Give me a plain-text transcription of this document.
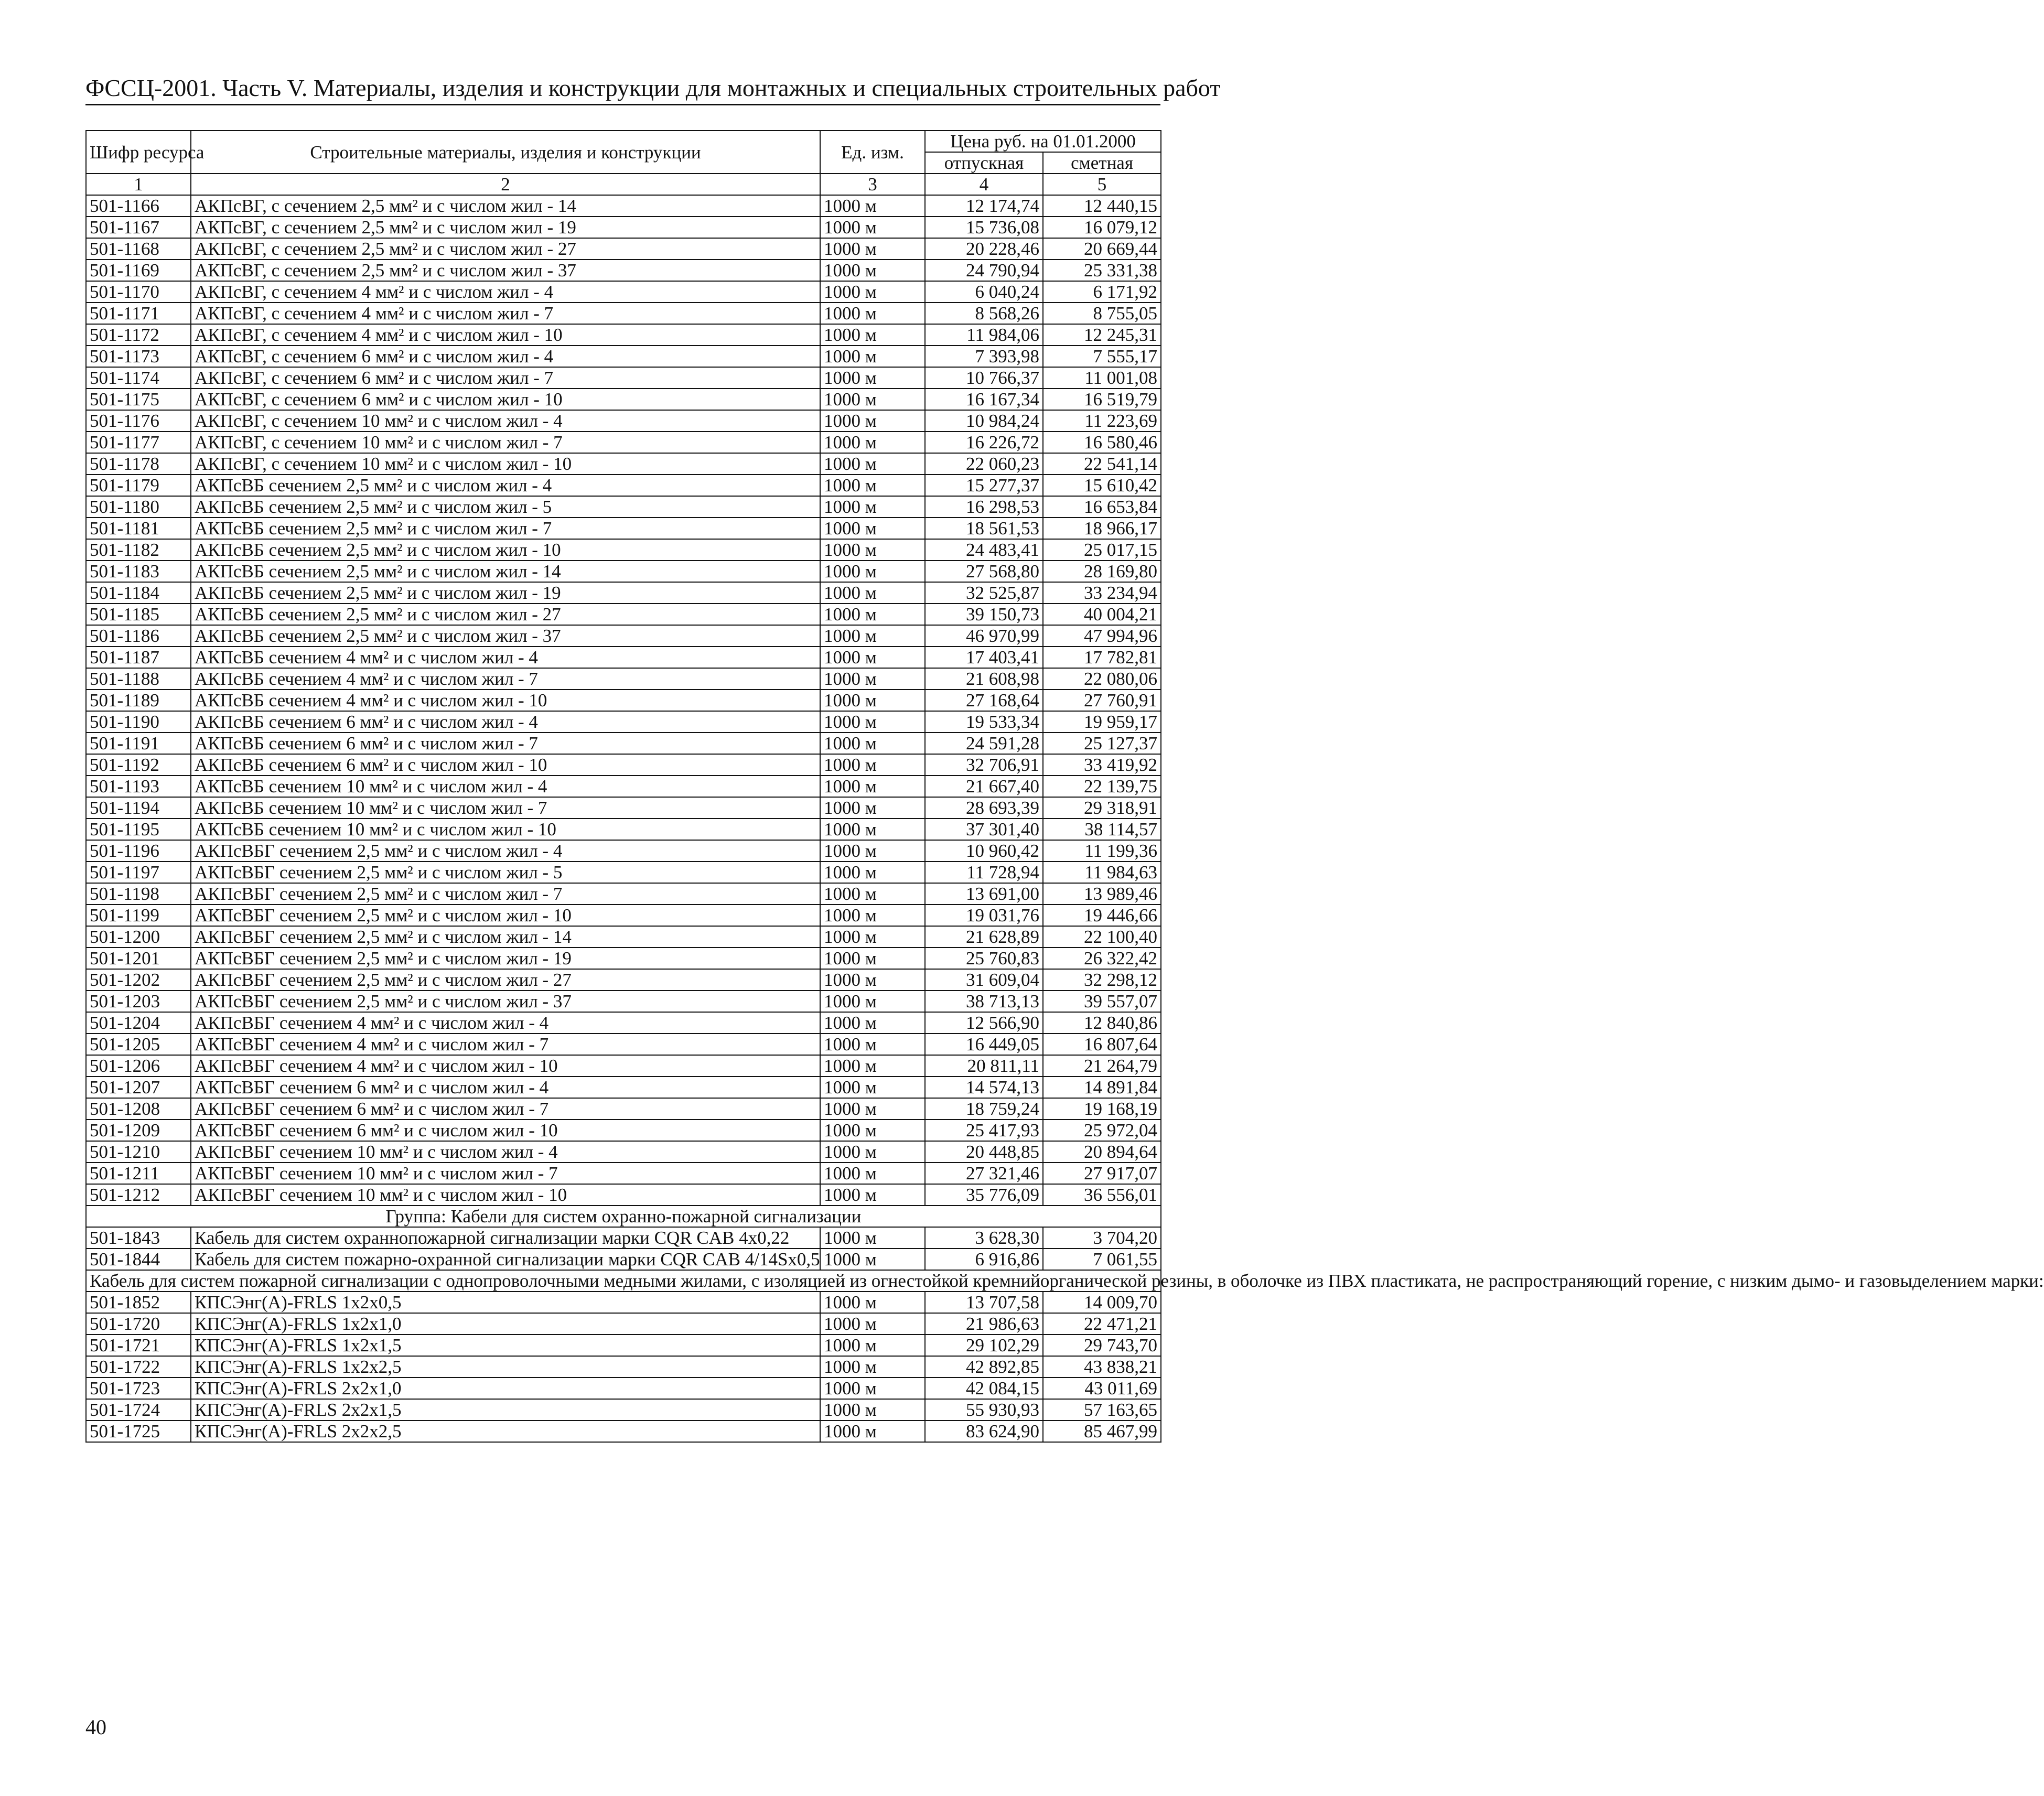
ФССЦ-2001. Часть V. Материалы, изделия и конструкции для монтажных и специальных строительных работ
Шифр ресурса	Строительные материалы, изделия и конструкции	Ед. изм.	Цена руб. на 01.01.2000	
			отпускная	сметная
1	2	3	4	5
501-1166	АКПсВГ, с сечением 2,5 мм² и с числом жил - 14	1000 м	12 174,74	12 440,15
501-1167	АКПсВГ, с сечением 2,5 мм² и с числом жил - 19	1000 м	15 736,08	16 079,12
501-1168	АКПсВГ, с сечением 2,5 мм² и с числом жил - 27	1000 м	20 228,46	20 669,44
501-1169	АКПсВГ, с сечением 2,5 мм² и с числом жил - 37	1000 м	24 790,94	25 331,38
501-1170	АКПсВГ, с сечением 4 мм² и с числом жил - 4	1000 м	6 040,24	6 171,92
501-1171	АКПсВГ, с сечением 4 мм² и с числом жил - 7	1000 м	8 568,26	8 755,05
501-1172	АКПсВГ, с сечением 4 мм² и с числом жил - 10	1000 м	11 984,06	12 245,31
501-1173	АКПсВГ, с сечением 6 мм² и с числом жил - 4	1000 м	7 393,98	7 555,17
501-1174	АКПсВГ, с сечением 6 мм² и с числом жил - 7	1000 м	10 766,37	11 001,08
501-1175	АКПсВГ, с сечением 6 мм² и с числом жил - 10	1000 м	16 167,34	16 519,79
501-1176	АКПсВГ, с сечением 10 мм² и с числом жил - 4	1000 м	10 984,24	11 223,69
501-1177	АКПсВГ, с сечением 10 мм² и с числом жил - 7	1000 м	16 226,72	16 580,46
501-1178	АКПсВГ, с сечением 10 мм² и с числом жил - 10	1000 м	22 060,23	22 541,14
501-1179	АКПсВБ сечением 2,5 мм² и с числом жил - 4	1000 м	15 277,37	15 610,42
501-1180	АКПсВБ сечением 2,5 мм² и с числом жил - 5	1000 м	16 298,53	16 653,84
501-1181	АКПсВБ сечением 2,5 мм² и с числом жил - 7	1000 м	18 561,53	18 966,17
501-1182	АКПсВБ сечением 2,5 мм² и с числом жил - 10	1000 м	24 483,41	25 017,15
501-1183	АКПсВБ сечением 2,5 мм² и с числом жил - 14	1000 м	27 568,80	28 169,80
501-1184	АКПсВБ сечением 2,5 мм² и с числом жил - 19	1000 м	32 525,87	33 234,94
501-1185	АКПсВБ сечением 2,5 мм² и с числом жил - 27	1000 м	39 150,73	40 004,21
501-1186	АКПсВБ сечением 2,5 мм² и с числом жил - 37	1000 м	46 970,99	47 994,96
501-1187	АКПсВБ сечением 4 мм² и с числом жил - 4	1000 м	17 403,41	17 782,81
501-1188	АКПсВБ сечением 4 мм² и с числом жил - 7	1000 м	21 608,98	22 080,06
501-1189	АКПсВБ сечением 4 мм² и с числом жил - 10	1000 м	27 168,64	27 760,91
501-1190	АКПсВБ сечением 6 мм² и с числом жил - 4	1000 м	19 533,34	19 959,17
501-1191	АКПсВБ сечением 6 мм² и с числом жил - 7	1000 м	24 591,28	25 127,37
501-1192	АКПсВБ сечением 6 мм² и с числом жил - 10	1000 м	32 706,91	33 419,92
501-1193	АКПсВБ сечением 10 мм² и с числом жил - 4	1000 м	21 667,40	22 139,75
501-1194	АКПсВБ сечением 10 мм² и с числом жил - 7	1000 м	28 693,39	29 318,91
501-1195	АКПсВБ сечением 10 мм² и с числом жил - 10	1000 м	37 301,40	38 114,57
501-1196	АКПсВБГ сечением 2,5 мм² и с числом жил - 4	1000 м	10 960,42	11 199,36
501-1197	АКПсВБГ сечением 2,5 мм² и с числом жил - 5	1000 м	11 728,94	11 984,63
501-1198	АКПсВБГ сечением 2,5 мм² и с числом жил - 7	1000 м	13 691,00	13 989,46
501-1199	АКПсВБГ сечением 2,5 мм² и с числом жил - 10	1000 м	19 031,76	19 446,66
501-1200	АКПсВБГ сечением 2,5 мм² и с числом жил - 14	1000 м	21 628,89	22 100,40
501-1201	АКПсВБГ сечением 2,5 мм² и с числом жил - 19	1000 м	25 760,83	26 322,42
501-1202	АКПсВБГ сечением 2,5 мм² и с числом жил - 27	1000 м	31 609,04	32 298,12
501-1203	АКПсВБГ сечением 2,5 мм² и с числом жил - 37	1000 м	38 713,13	39 557,07
501-1204	АКПсВБГ сечением 4 мм² и с числом жил - 4	1000 м	12 566,90	12 840,86
501-1205	АКПсВБГ сечением 4 мм² и с числом жил - 7	1000 м	16 449,05	16 807,64
501-1206	АКПсВБГ сечением 4 мм² и с числом жил - 10	1000 м	20 811,11	21 264,79
501-1207	АКПсВБГ сечением 6 мм² и с числом жил - 4	1000 м	14 574,13	14 891,84
501-1208	АКПсВБГ сечением 6 мм² и с числом жил - 7	1000 м	18 759,24	19 168,19
501-1209	АКПсВБГ сечением 6 мм² и с числом жил - 10	1000 м	25 417,93	25 972,04
501-1210	АКПсВБГ сечением 10 мм² и с числом жил - 4	1000 м	20 448,85	20 894,64
501-1211	АКПсВБГ сечением 10 мм² и с числом жил - 7	1000 м	27 321,46	27 917,07
501-1212	АКПсВБГ сечением 10 мм² и с числом жил - 10	1000 м	35 776,09	36 556,01
Группа: Кабели для систем охранно-пожарной сигнализации				
501-1843	Кабель для систем охраннопожарной сигнализации марки CQR CAB 4x0,22	1000 м	3 628,30	3 704,20
501-1844	Кабель для систем пожарно-охранной сигнализации марки CQR CAB 4/14Sx0,5	1000 м	6 916,86	7 061,55
Кабель для систем пожарной сигнализации с однопроволочными медными жилами, с изоляцией из огнестойкой кремнийорганической резины, в оболочке из ПВХ пластиката, не распространяющий горение, с низким дымо- и газовыделением марки:				
501-1852	КПСЭнг(А)-FRLS 1x2x0,5	1000 м	13 707,58	14 009,70
501-1720	КПСЭнг(А)-FRLS 1x2x1,0	1000 м	21 986,63	22 471,21
501-1721	КПСЭнг(А)-FRLS 1x2x1,5	1000 м	29 102,29	29 743,70
501-1722	КПСЭнг(А)-FRLS 1x2x2,5	1000 м	42 892,85	43 838,21
501-1723	КПСЭнг(А)-FRLS 2x2x1,0	1000 м	42 084,15	43 011,69
501-1724	КПСЭнг(А)-FRLS 2x2x1,5	1000 м	55 930,93	57 163,65
501-1725	КПСЭнг(А)-FRLS 2x2x2,5	1000 м	83 624,90	85 467,99
40
